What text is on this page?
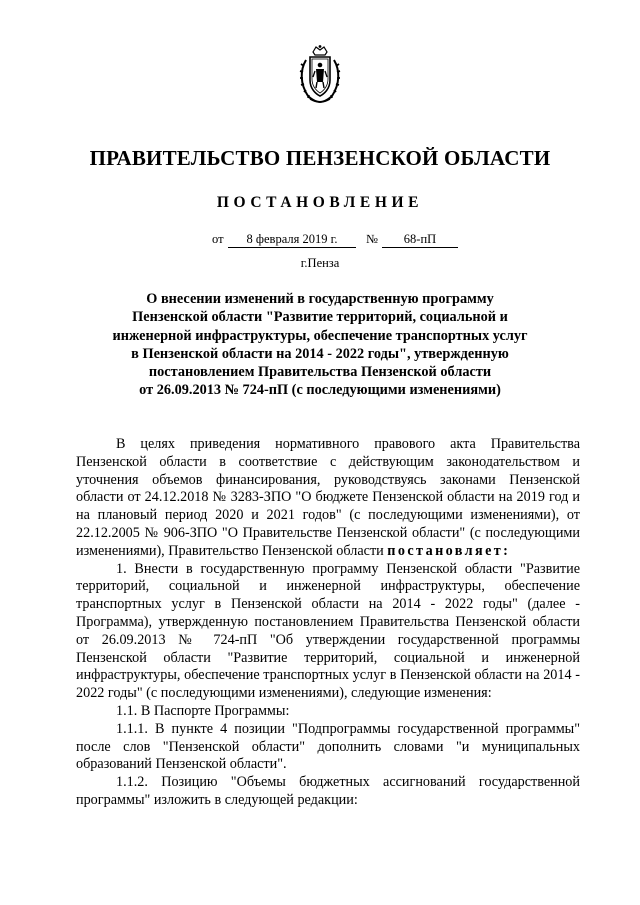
ПРАВИТЕЛЬСТВО ПЕНЗЕНСКОЙ ОБЛАСТИ
ПОСТАНОВЛЕНИЕ
от	8 февраля 2019 г.	№	68-пП
г.Пенза
О внесении изменений в государственную программу
Пензенской области "Развитие территорий, социальной и
инженерной инфраструктуры, обеспечение транспортных услуг
в Пензенской области на 2014 - 2022 годы", утвержденную
постановлением Правительства Пензенской области
от 26.09.2013 № 724-пП (с последующими изменениями)

В целях приведения нормативного правового акта Правительства Пензенской области в соответствие с действующим законодательством и уточнения объемов финансирования, руководствуясь законами Пензенской области от 24.12.2018 № 3283-ЗПО "О бюджете Пензенской области на 2019 год и на плановый период 2020 и 2021 годов" (с последующими изменениями), от 22.12.2005 № 906-ЗПО "О Правительстве Пензенской области" (с последующими изменениями), Правительство Пензенской области постановляет:

1. Внести в государственную программу Пензенской области "Развитие территорий, социальной и инженерной инфраструктуры, обеспечение транспортных услуг в Пензенской области на 2014 - 2022 годы" (далее - Программа), утвержденную постановлением Правительства Пензенской области от 26.09.2013 № 724-пП "Об утверждении государственной программы Пензенской области "Развитие территорий, социальной и инженерной инфраструктуры, обеспечение транспортных услуг в Пензенской области на 2014 - 2022 годы" (с последующими изменениями), следующие изменения:

1.1. В Паспорте Программы:

1.1.1. В пункте 4 позиции "Подпрограммы государственной программы" после слов "Пензенской области" дополнить словами "и муниципальных образований Пензенской области".

1.1.2. Позицию "Объемы бюджетных ассигнований государственной программы" изложить в следующей редакции:
